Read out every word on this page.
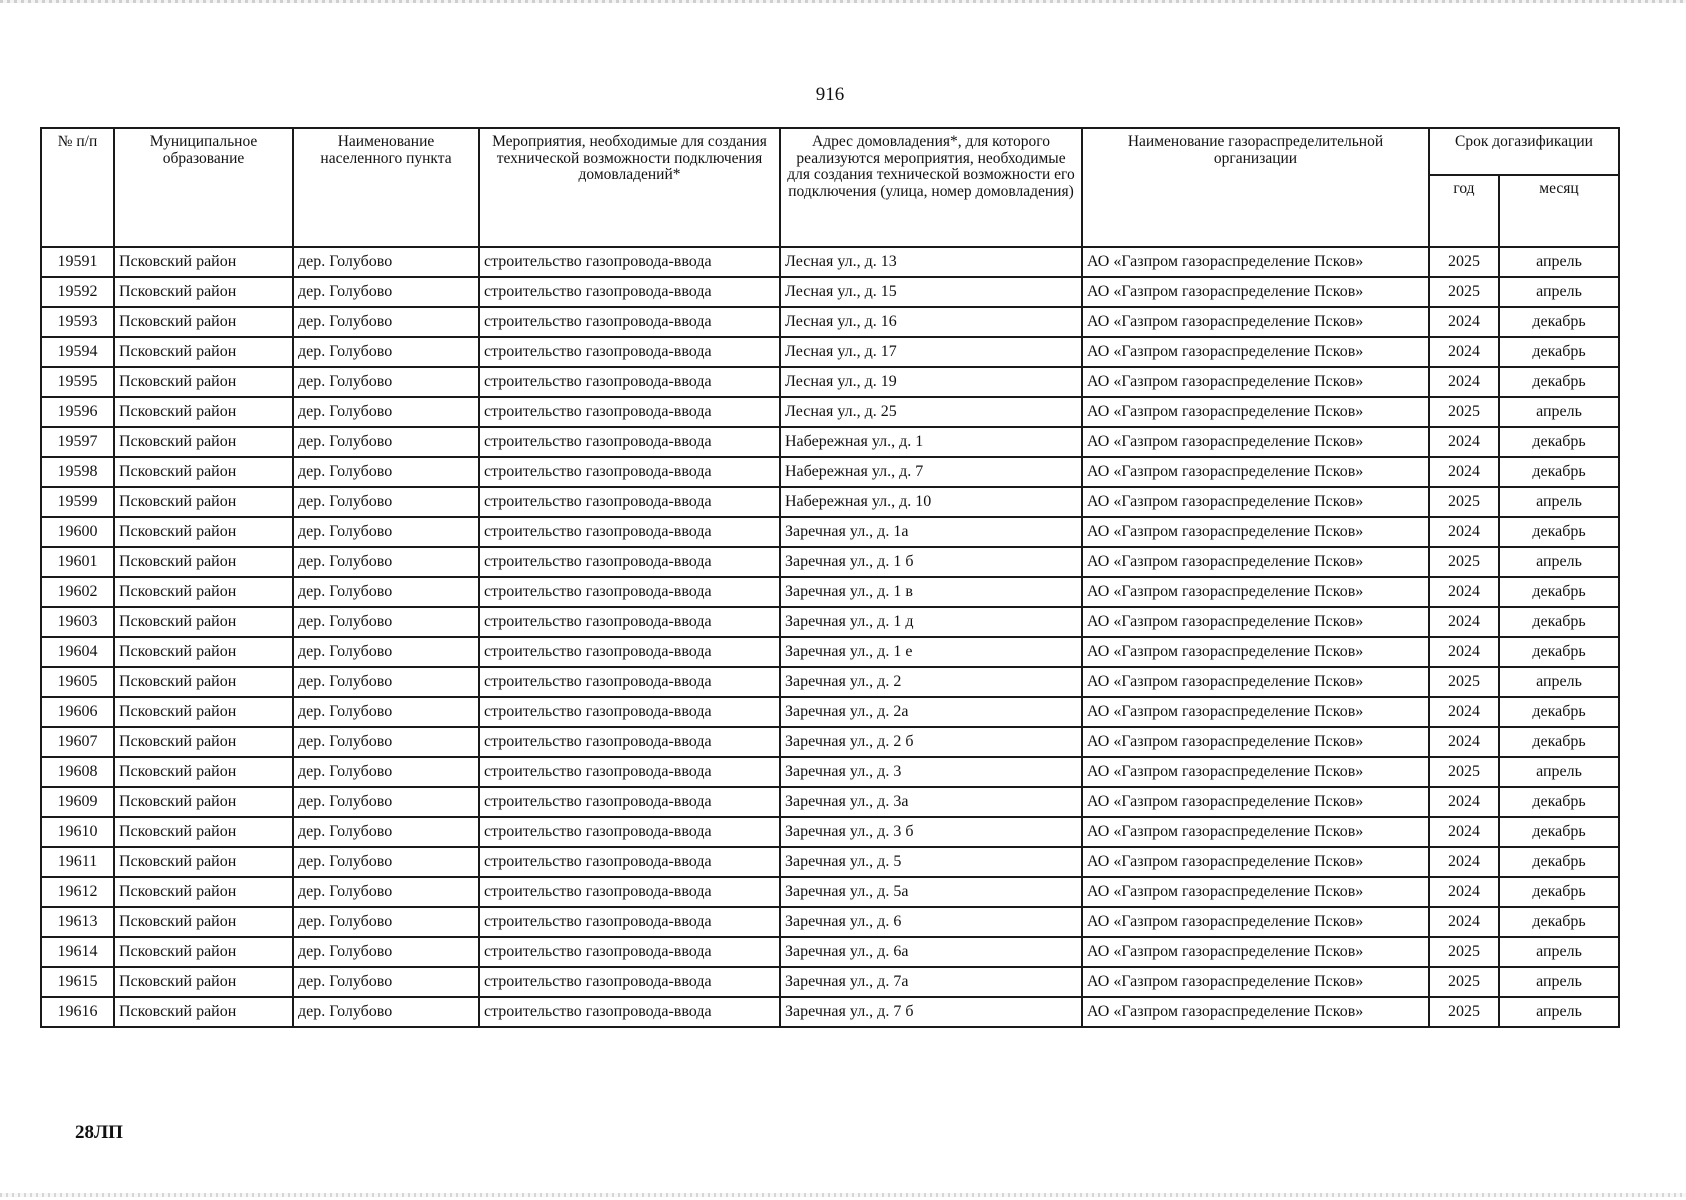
916
№ п/п	Муниципальное образование	Наименование населенного пункта	Мероприятия, необходимые для создания технической возможности подключения домовладений*	Адрес домовладения*, для которого реализуются мероприятия, необходимые для создания технической возможности его подключения (улица, номер домовладения)	Наименование газораспределительной организации	Срок догазификации	
						год	месяц
19591	Псковский район	дер. Голубово	строительство газопровода-ввода	Лесная ул., д. 13	АО «Газпром газораспределение Псков»	2025	апрель
19592	Псковский район	дер. Голубово	строительство газопровода-ввода	Лесная ул., д. 15	АО «Газпром газораспределение Псков»	2025	апрель
19593	Псковский район	дер. Голубово	строительство газопровода-ввода	Лесная ул., д. 16	АО «Газпром газораспределение Псков»	2024	декабрь
19594	Псковский район	дер. Голубово	строительство газопровода-ввода	Лесная ул., д. 17	АО «Газпром газораспределение Псков»	2024	декабрь
19595	Псковский район	дер. Голубово	строительство газопровода-ввода	Лесная ул., д. 19	АО «Газпром газораспределение Псков»	2024	декабрь
19596	Псковский район	дер. Голубово	строительство газопровода-ввода	Лесная ул., д. 25	АО «Газпром газораспределение Псков»	2025	апрель
19597	Псковский район	дер. Голубово	строительство газопровода-ввода	Набережная ул., д. 1	АО «Газпром газораспределение Псков»	2024	декабрь
19598	Псковский район	дер. Голубово	строительство газопровода-ввода	Набережная ул., д. 7	АО «Газпром газораспределение Псков»	2024	декабрь
19599	Псковский район	дер. Голубово	строительство газопровода-ввода	Набережная ул., д. 10	АО «Газпром газораспределение Псков»	2025	апрель
19600	Псковский район	дер. Голубово	строительство газопровода-ввода	Заречная ул., д. 1а	АО «Газпром газораспределение Псков»	2024	декабрь
19601	Псковский район	дер. Голубово	строительство газопровода-ввода	Заречная ул., д. 1 б	АО «Газпром газораспределение Псков»	2025	апрель
19602	Псковский район	дер. Голубово	строительство газопровода-ввода	Заречная ул., д. 1 в	АО «Газпром газораспределение Псков»	2024	декабрь
19603	Псковский район	дер. Голубово	строительство газопровода-ввода	Заречная ул., д. 1 д	АО «Газпром газораспределение Псков»	2024	декабрь
19604	Псковский район	дер. Голубово	строительство газопровода-ввода	Заречная ул., д. 1 е	АО «Газпром газораспределение Псков»	2024	декабрь
19605	Псковский район	дер. Голубово	строительство газопровода-ввода	Заречная ул., д. 2	АО «Газпром газораспределение Псков»	2025	апрель
19606	Псковский район	дер. Голубово	строительство газопровода-ввода	Заречная ул., д. 2а	АО «Газпром газораспределение Псков»	2024	декабрь
19607	Псковский район	дер. Голубово	строительство газопровода-ввода	Заречная ул., д. 2 б	АО «Газпром газораспределение Псков»	2024	декабрь
19608	Псковский район	дер. Голубово	строительство газопровода-ввода	Заречная ул., д. 3	АО «Газпром газораспределение Псков»	2025	апрель
19609	Псковский район	дер. Голубово	строительство газопровода-ввода	Заречная ул., д. 3а	АО «Газпром газораспределение Псков»	2024	декабрь
19610	Псковский район	дер. Голубово	строительство газопровода-ввода	Заречная ул., д. 3 б	АО «Газпром газораспределение Псков»	2024	декабрь
19611	Псковский район	дер. Голубово	строительство газопровода-ввода	Заречная ул., д. 5	АО «Газпром газораспределение Псков»	2024	декабрь
19612	Псковский район	дер. Голубово	строительство газопровода-ввода	Заречная ул., д. 5а	АО «Газпром газораспределение Псков»	2024	декабрь
19613	Псковский район	дер. Голубово	строительство газопровода-ввода	Заречная ул., д. 6	АО «Газпром газораспределение Псков»	2024	декабрь
19614	Псковский район	дер. Голубово	строительство газопровода-ввода	Заречная ул., д. 6а	АО «Газпром газораспределение Псков»	2025	апрель
19615	Псковский район	дер. Голубово	строительство газопровода-ввода	Заречная ул., д. 7а	АО «Газпром газораспределение Псков»	2025	апрель
19616	Псковский район	дер. Голубово	строительство газопровода-ввода	Заречная ул., д. 7 б	АО «Газпром газораспределение Псков»	2025	апрель
28ЛП
